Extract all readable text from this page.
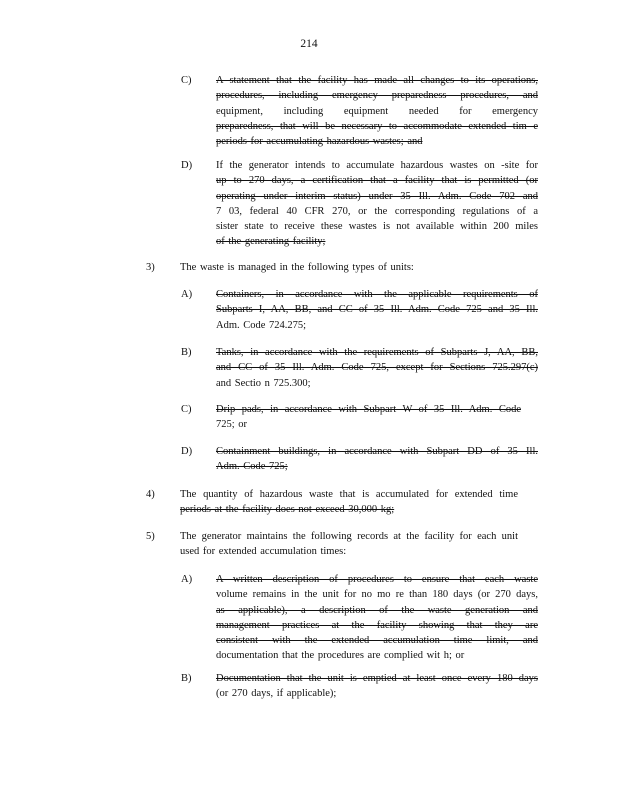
214
C) A statement that the facility has made all changes to its operations,
procedures, including emergency preparedness procedures, and
equipment, including equipment needed for emergency
preparedness, that will be necessary to accommodate extended tim e
periods for accumulating hazardous wastes; and
D) If the generator intends to accumulate hazardous wastes on -site for
up to 270 days, a certification that a facility that is permitted (or
operating under interim status) under 35 Ill. Adm. Code 702 and
7 03, federal 40 CFR 270, or the corresponding regulations of a
sister state to receive these wastes is not available within 200 miles
of the generating facility;
3) The waste is managed in the following types of units:
A) Containers, in accordance with the applicable requirements of
Subparts I, AA, BB, and CC of 35 Ill. Adm. Code 725 and 35 Ill.
Adm. Code 724.275;
B) Tanks, in accordance with the requirements of Subparts J, AA, BB,
and CC of 35 Ill. Adm. Code 725, except for Sections 725.297(c)
and Sectio n 725.300;
C) Drip pads, in accordance with Subpart W of 35 Ill. Adm. Code
725; or
D) Containment buildings, in accordance with Subpart DD of 35 Ill.
Adm. Code 725;
4) The quantity of hazardous waste that is accumulated for extended time
periods at the facility does not exceed 30,000 kg;
5) The generator maintains the following records at the facility for each unit
used for extended accumulation times:
A) A written description of procedures to ensure that each waste
volume remains in the unit for no mo re than 180 days (or 270 days,
as applicable), a description of the waste generation and
management practices at the facility showing that they are
consistent with the extended accumulation time limit, and
documentation that the procedures are complied wit h; or
B) Documentation that the unit is emptied at least once every 180 days
(or 270 days, if applicable);
